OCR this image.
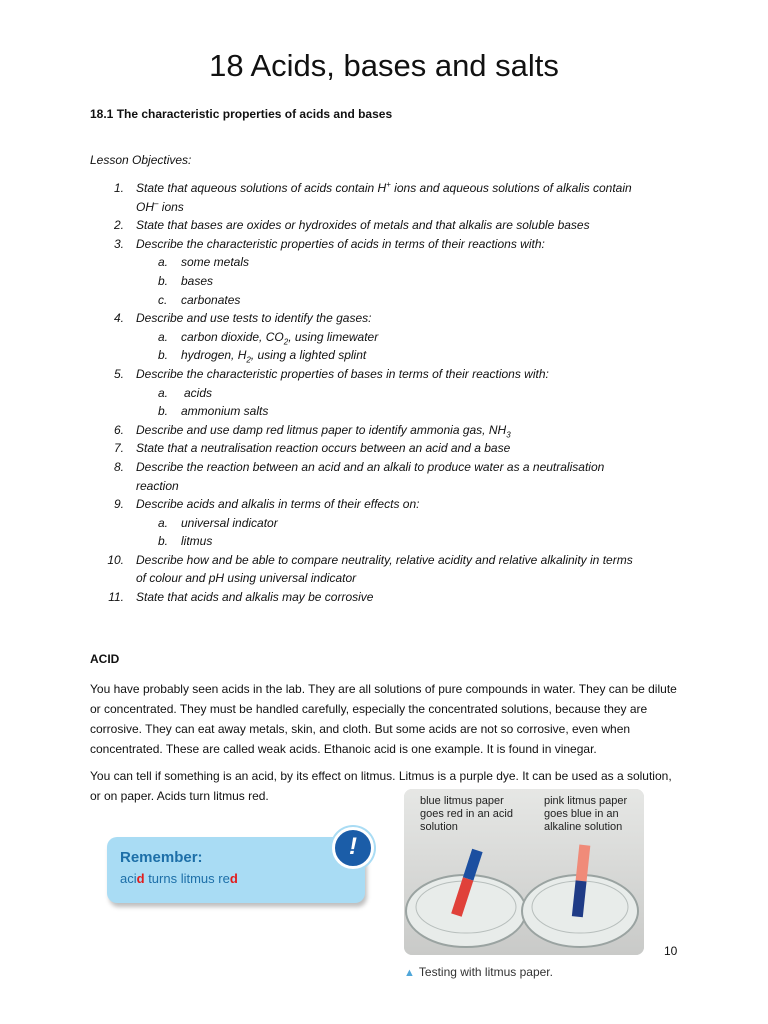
18 Acids, bases and salts
18.1 The characteristic properties of acids and bases
Lesson Objectives:
1. State that aqueous solutions of acids contain H+ ions and aqueous solutions of alkalis contain
OH– ions
2. State that bases are oxides or hydroxides of metals and that alkalis are soluble bases
3. Describe the characteristic properties of acids in terms of their reactions with:
a. some metals
b. bases
c. carbonates
4. Describe and use tests to identify the gases:
a. carbon dioxide, $CO_2$, using limewater
b. hydrogen, $H_2$, using a lighted splint
5. Describe the characteristic properties of bases in terms of their reactions with:
a. acids
b. ammonium salts
6. Describe and use damp red litmus paper to identify ammonia gas, $NH_3$
7. State that a neutralisation reaction occurs between an acid and a base
8. Describe the reaction between an acid and an alkali to produce water as a neutralisation
reaction
9. Describe acids and alkalis in terms of their effects on:
a. universal indicator
b. litmus
10. Describe how and be able to compare neutrality, relative acidity and relative alkalinity in terms
of colour and pH using universal indicator
11. State that acids and alkalis may be corrosive
ACID
You have probably seen acids in the lab. They are all solutions of pure compounds in water. They can be dilute or concentrated. They must be handled carefully, especially the concentrated solutions, because they are corrosive. They can eat away metals, skin, and cloth. But some acids are not so corrosive, even when concentrated. These are called weak acids. Ethanoic acid is one example. It is found in vinegar.
You can tell if something is an acid, by its effect on litmus. Litmus is a purple dye. It can be used as a solution, or on paper. Acids turn litmus red.
Remember:
acid turns litmus red
!
blue litmus paper
goes red in an acid
solution
pink litmus paper
goes blue in an
alkaline solution
10
▲ Testing with litmus paper.
